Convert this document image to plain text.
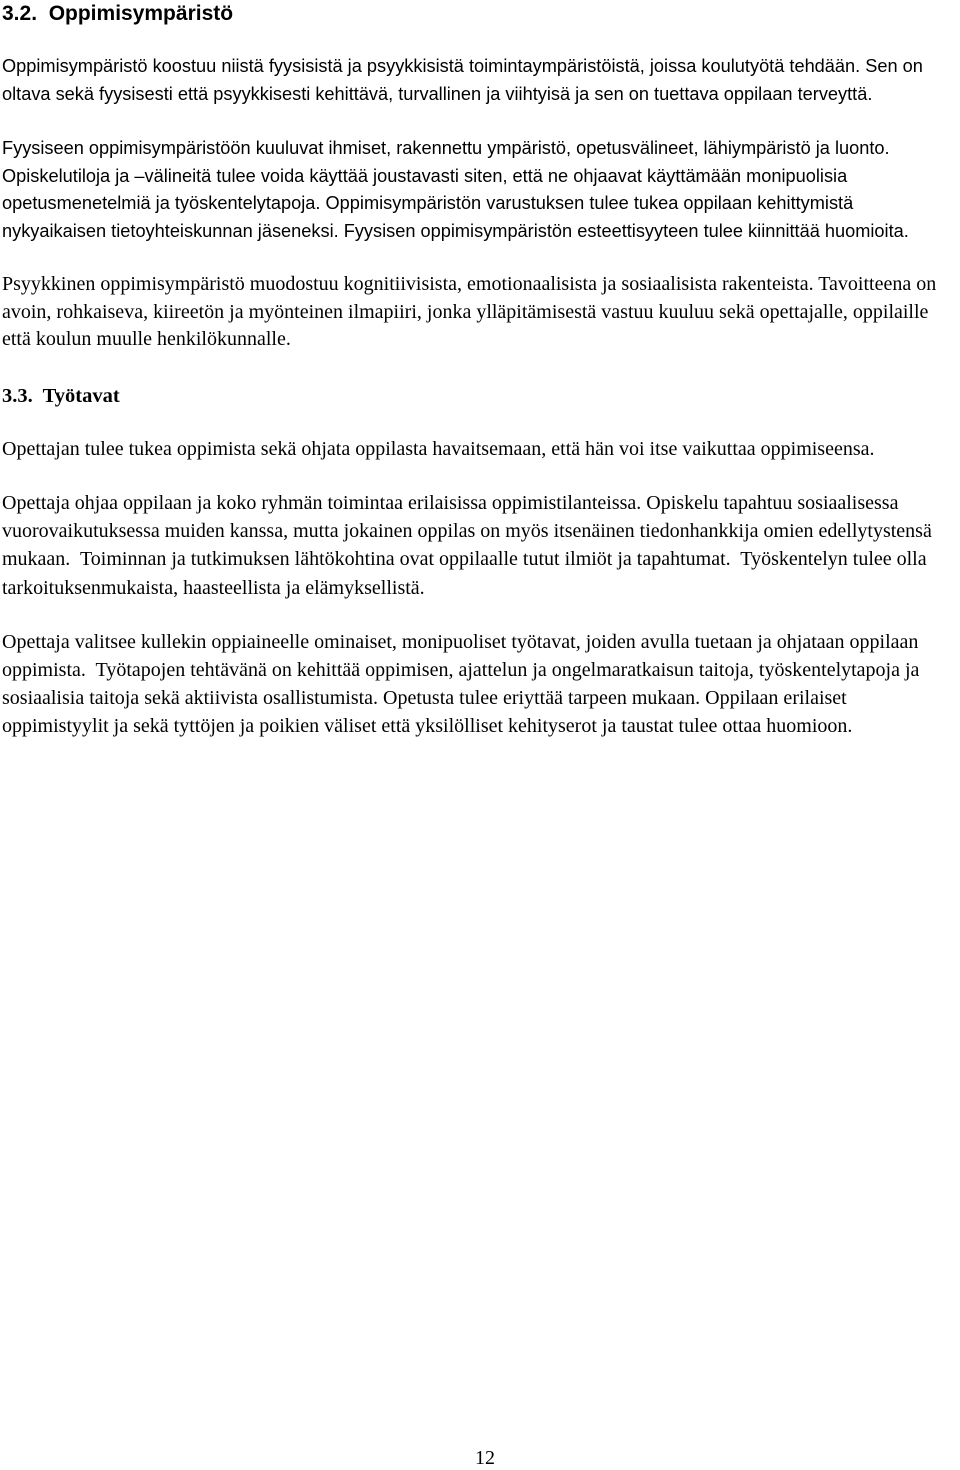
3.2.  Oppimisympäristö

Oppimisympäristö koostuu niistä fyysisistä ja psyykkisistä toimintaympäristöistä, joissa koulutyötä tehdään. Sen on oltava sekä fyysisesti että psyykkisesti kehittävä, turvallinen ja viihtyisä ja sen on tuettava oppilaan terveyttä.

Fyysiseen oppimisympäristöön kuuluvat ihmiset, rakennettu ympäristö, opetusvälineet, lähiympäristö ja luonto. Opiskelutiloja ja –välineitä tulee voida käyttää joustavasti siten, että ne ohjaavat käyttämään monipuolisia opetusmenetelmiä ja työskentelytapoja. Oppimisympäristön varustuksen tulee tukea oppilaan kehittymistä nykyaikaisen tietoyhteiskunnan jäseneksi. Fyysisen oppimisympäristön esteettisyyteen tulee kiinnittää huomioita.

Psyykkinen oppimisympäristö muodostuu kognitiivisista, emotionaalisista ja sosiaalisista rakenteista. Tavoitteena on avoin, rohkaiseva, kiireetön ja myönteinen ilmapiiri, jonka ylläpitämisestä vastuu kuuluu sekä opettajalle, oppilaille että koulun muulle henkilökunnalle.

3.3.  Työtavat

Opettajan tulee tukea oppimista sekä ohjata oppilasta havaitsemaan, että hän voi itse vaikuttaa oppimiseensa.

Opettaja ohjaa oppilaan ja koko ryhmän toimintaa erilaisissa oppimistilanteissa. Opiskelu tapahtuu sosiaalisessa vuorovaikutuksessa muiden kanssa, mutta jokainen oppilas on myös itsenäinen tiedonhankkija omien edellytystensä mukaan.  Toiminnan ja tutkimuksen lähtökohtina ovat oppilaalle tutut ilmiöt ja tapahtumat.  Työskentelyn tulee olla tarkoituksenmukaista, haasteellista ja elämyksellistä.

Opettaja valitsee kullekin oppiaineelle ominaiset, monipuoliset työtavat, joiden avulla tuetaan ja ohjataan oppilaan oppimista.  Työtapojen tehtävänä on kehittää oppimisen, ajattelun ja ongelmaratkaisun taitoja, työskentelytapoja ja sosiaalisia taitoja sekä aktiivista osallistumista. Opetusta tulee eriyttää tarpeen mukaan. Oppilaan erilaiset oppimistyylit ja sekä tyttöjen ja poikien väliset että yksilölliset kehityserot ja taustat tulee ottaa huomioon.

12
